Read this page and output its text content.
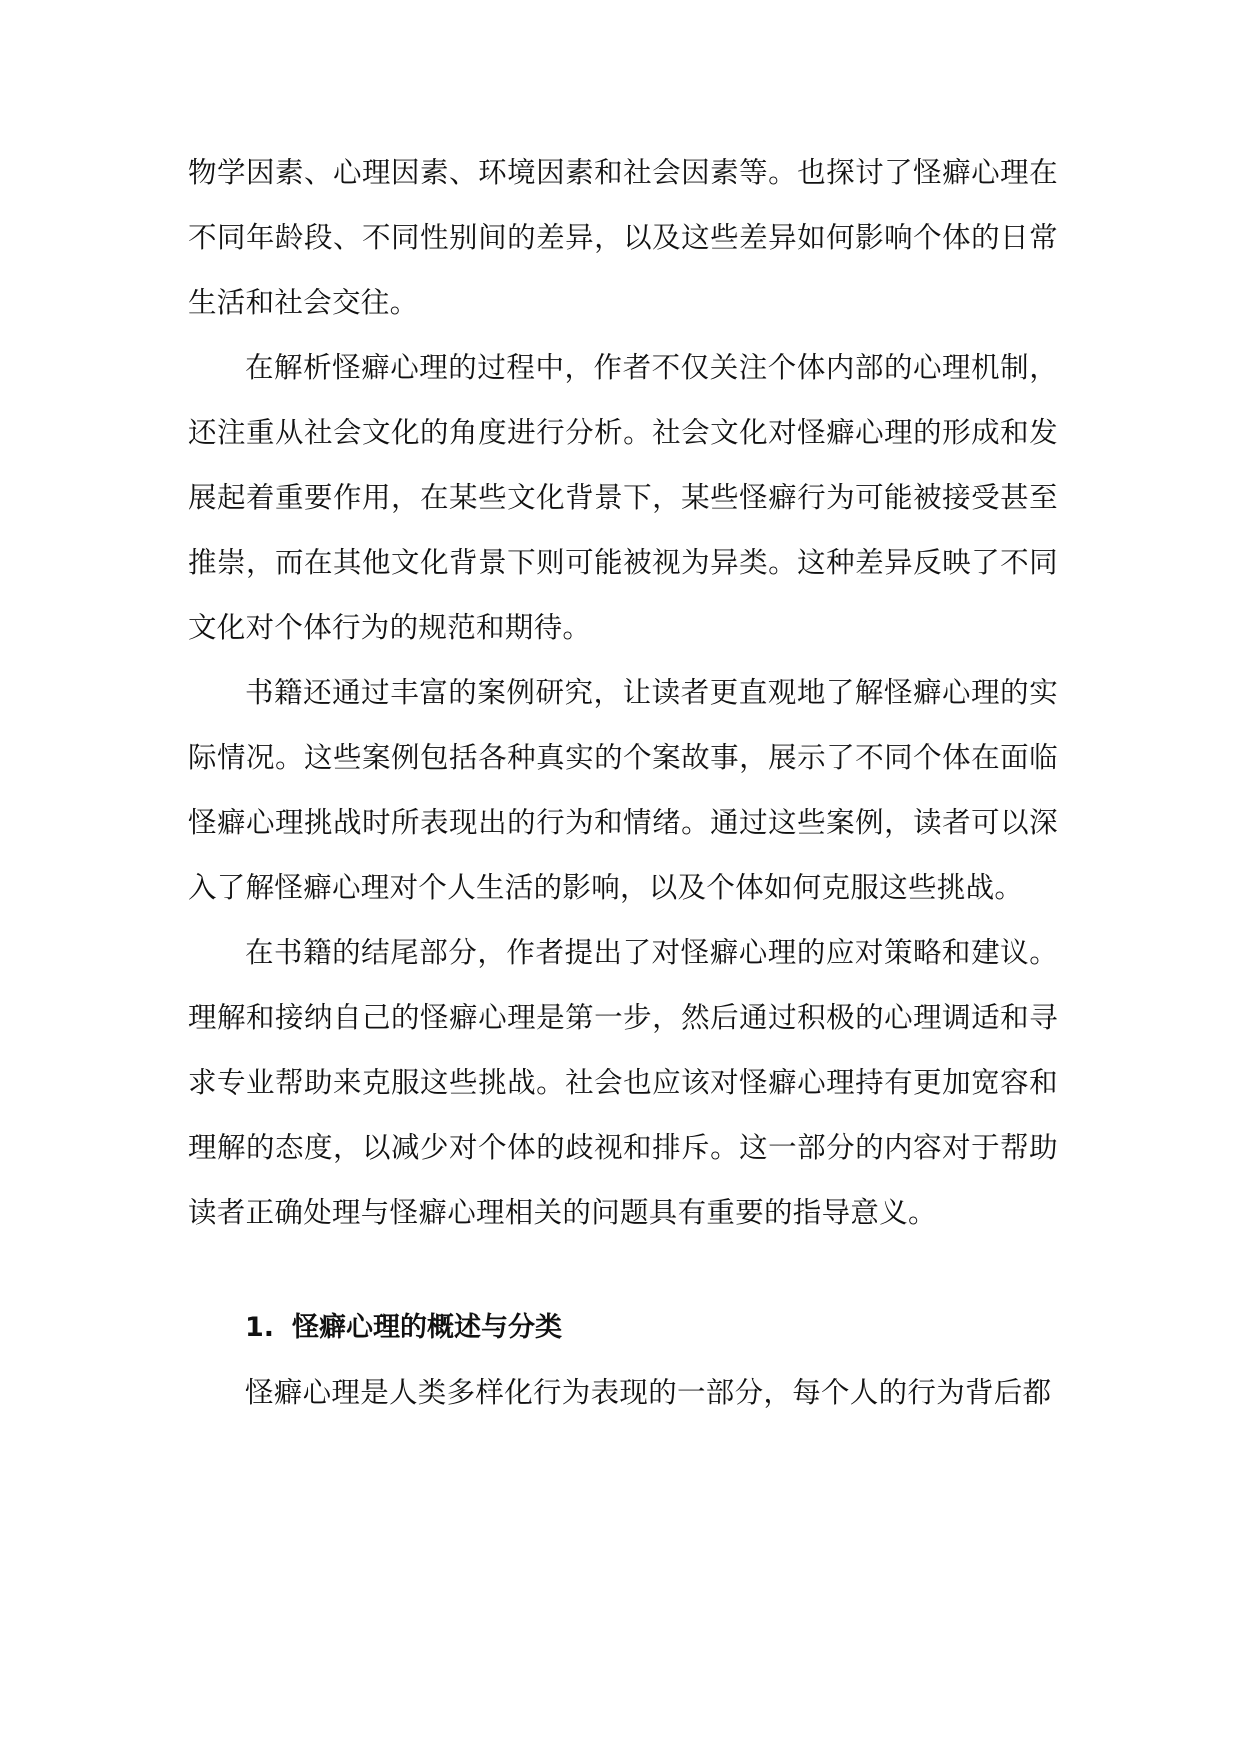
物学因素、心理因素、环境因素和社会因素等。也探讨了怪癖心理在不同年龄段、不同性别间的差异，以及这些差异如何影响个体的日常生活和社会交往。

在解析怪癖心理的过程中，作者不仅关注个体内部的心理机制，还注重从社会文化的角度进行分析。社会文化对怪癖心理的形成和发展起着重要作用，在某些文化背景下，某些怪癖行为可能被接受甚至推崇，而在其他文化背景下则可能被视为异类。这种差异反映了不同文化对个体行为的规范和期待。

书籍还通过丰富的案例研究，让读者更直观地了解怪癖心理的实际情况。这些案例包括各种真实的个案故事，展示了不同个体在面临怪癖心理挑战时所表现出的行为和情绪。通过这些案例，读者可以深入了解怪癖心理对个人生活的影响，以及个体如何克服这些挑战。

在书籍的结尾部分，作者提出了对怪癖心理的应对策略和建议。理解和接纳自己的怪癖心理是第一步，然后通过积极的心理调适和寻求专业帮助来克服这些挑战。社会也应该对怪癖心理持有更加宽容和理解的态度，以减少对个体的歧视和排斥。这一部分的内容对于帮助读者正确处理与怪癖心理相关的问题具有重要的指导意义。

1. 怪癖心理的概述与分类

怪癖心理是人类多样化行为表现的一部分，每个人的行为背后都
